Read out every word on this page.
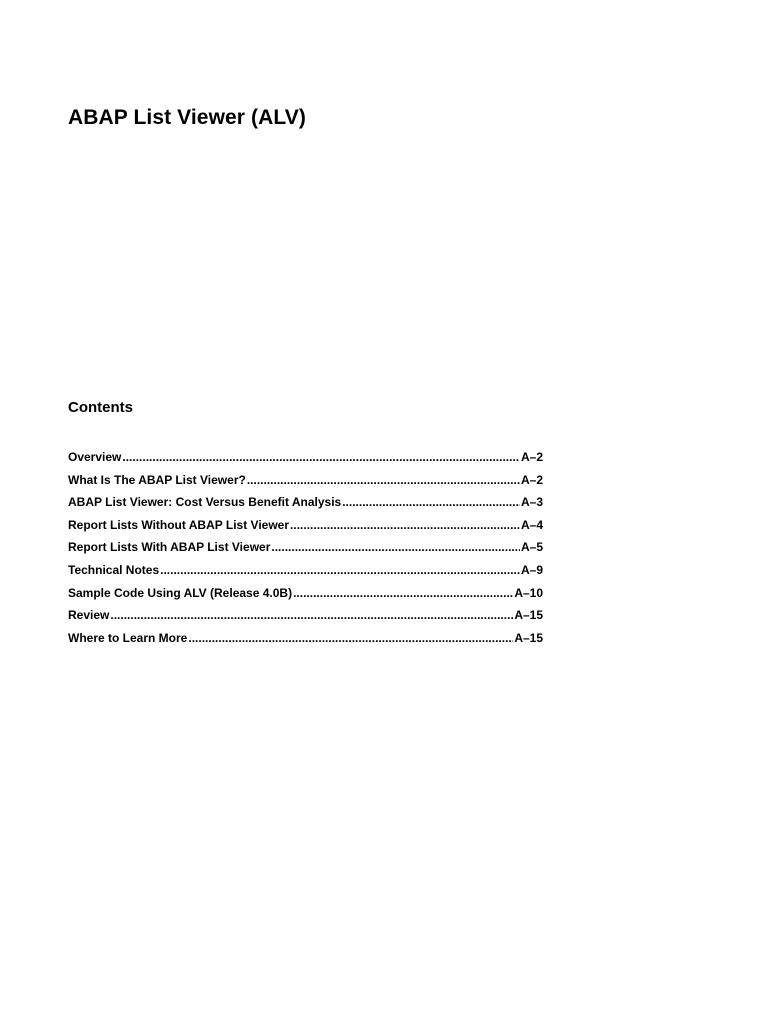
ABAP List Viewer (ALV)
Contents
Overview .....	A–2
What Is The ABAP List Viewer? .....	A–2
ABAP List Viewer: Cost Versus Benefit Analysis .....	A–3
Report Lists Without ABAP List Viewer .....	A–4
Report Lists With ABAP List Viewer .....	A–5
Technical Notes .....	A–9
Sample Code Using ALV (Release 4.0B) .....	A–10
Review .....	A–15
Where to Learn More .....	A–15
